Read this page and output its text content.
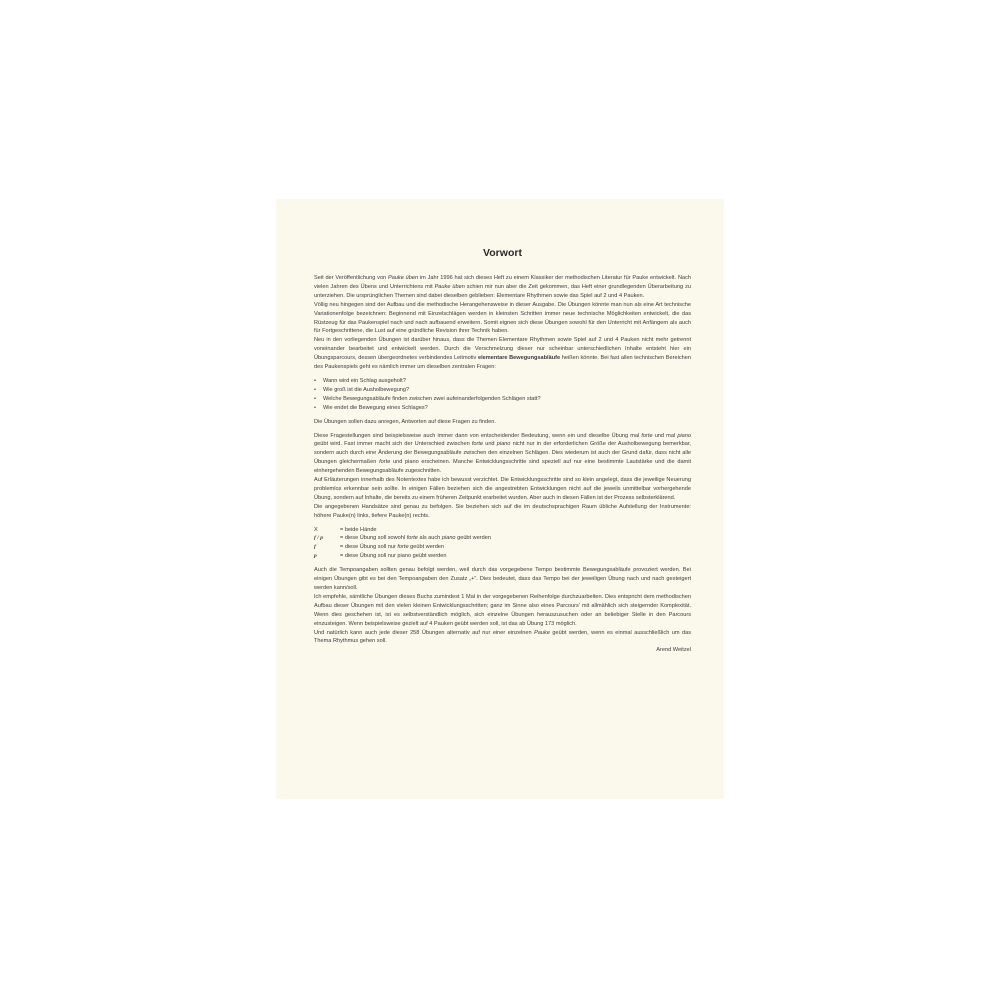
Vorwort

Seit der Veröffentlichung von Pauke üben im Jahr 1996 hat sich dieses Heft zu einem Klassiker der methodischen Literatur für Pauke entwickelt. Nach vielen Jahren des Übens und Unterrichtens mit Pauke üben schien mir nun aber die Zeit gekommen, das Heft einer grundlegenden Überarbeitung zu unterziehen. Die ursprünglichen Themen sind dabei dieselben geblieben: Elementare Rhythmen sowie das Spiel auf 2 und 4 Pauken.

Völlig neu hingegen sind der Aufbau und die methodische Herangehensweise in dieser Ausgabe. Die Übungen könnte man nun als eine Art technische Variationenfolge bezeichnen: Beginnend mit Einzelschlägen werden in kleinsten Schritten immer neue technische Möglichkeiten entwickelt, die das Rüstzeug für das Paukenspiel nach und nach aufbauend erweitern. Somit eignen sich diese Übungen sowohl für den Unterricht mit Anfängern als auch für Fortgeschrittene, die Lust auf eine gründliche Revision ihrer Technik haben.

Neu in den vorliegenden Übungen ist darüber hinaus, dass die Themen Elementare Rhythmen sowie Spiel auf 2 und 4 Pauken nicht mehr getrennt voneinander bearbeitet und entwickelt werden. Durch die Verschmelzung dieser nur scheinbar unterschiedlichen Inhalte entsteht hier ein Übungsparcours, dessen übergeordnetes verbindendes Leitmotiv elementare Bewegungsabläufe heißen könnte. Bei fast allen technischen Bereichen des Paukenspiels geht es nämlich immer um dieselben zentralen Fragen:

• Wann wird ein Schlag ausgeholt?
• Wie groß ist die Ausholbewegung?
• Welche Bewegungsabläufe finden zwischen zwei aufeinanderfolgenden Schlägen statt?
• Wie endet die Bewegung eines Schlages?

Die Übungen sollen dazu anregen, Antworten auf diese Fragen zu finden.

Diese Fragestellungen sind beispielsweise auch immer dann von entscheidender Bedeutung, wenn ein und dieselbe Übung mal forte und mal piano geübt wird. Fast immer macht sich der Unterschied zwischen forte und piano nicht nur in der erforderlichen Größe der Ausholbewegung bemerkbar, sondern auch durch eine Änderung der Bewegungsabläufe zwischen den einzelnen Schlägen. Dies wiederum ist auch der Grund dafür, dass nicht alle Übungen gleichermaßen forte und piano erscheinen. Manche Entwicklungsschritte sind speziell auf nur eine bestimmte Lautstärke und die damit einhergehenden Bewegungsabläufe zugeschnitten.

Auf Erläuterungen innerhalb des Notentextes habe ich bewusst verzichtet. Die Entwicklungsschritte sind so klein angelegt, dass die jeweilige Neuerung problemlos erkennbar sein sollte. In einigen Fällen beziehen sich die angestrebten Entwicklungen nicht auf die jeweils unmittelbar vorhergehende Übung, sondern auf Inhalte, die bereits zu einem früheren Zeitpunkt erarbeitet wurden. Aber auch in diesen Fällen ist der Prozess selbsterklärend.

Die angegebenen Handsätze sind genau zu befolgen. Sie beziehen sich auf die im deutschsprachigen Raum übliche Aufstellung der Instrumente: höhere Pauke(n) links, tiefere Pauke(n) rechts.

X	= beide Hände
f / p	= diese Übung soll sowohl forte als auch piano geübt werden
f	= diese Übung soll nur forte geübt werden
p	= diese Übung soll nur piano geübt werden

Auch die Tempoangaben sollten genau befolgt werden, weil durch das vorgegebene Tempo bestimmte Bewegungsabläufe provoziert werden. Bei einigen Übungen gibt es bei den Tempoangaben den Zusatz „+“. Dies bedeutet, dass das Tempo bei der jeweiligen Übung nach und nach gesteigert werden kann/soll.

Ich empfehle, sämtliche Übungen dieses Buchs zumindest 1 Mal in der vorgegebenen Reihenfolge durchzuarbeiten. Dies entspricht dem methodischen Aufbau dieser Übungen mit den vielen kleinen Entwicklungsschritten; ganz im Sinne also eines Parcours’ mit allmählich sich steigernder Komplexität. Wenn dies geschehen ist, ist es selbstverständlich möglich, sich einzelne Übungen herauszusuchen oder an beliebiger Stelle in den Parcours einzusteigen. Wenn beispielsweise gezielt auf 4 Pauken geübt werden soll, ist das ab Übung 173 möglich.

Und natürlich kann auch jede dieser 258 Übungen alternativ auf nur einer einzelnen Pauke geübt werden, wenn es einmal ausschließlich um das Thema Rhythmus gehen soll.

Arend Weitzel
